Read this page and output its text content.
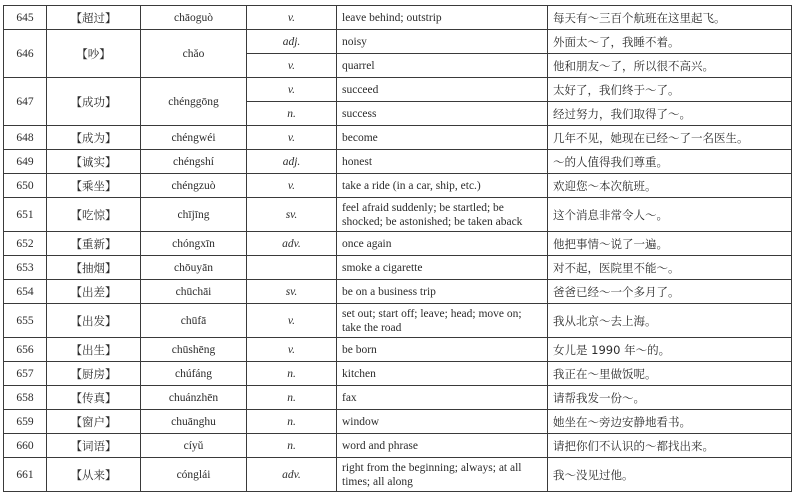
645	【超过】	chāoguò	v.	leave behind; outstrip	每天有～三百个航班在这里起飞。
646	【吵】	chǎo	adj.	noisy	外面太～了，我睡不着。
			v.	quarrel	他和朋友～了，所以很不高兴。
647	【成功】	chénggōng	v.	succeed	太好了，我们终于～了。
			n.	success	经过努力，我们取得了～。
648	【成为】	chéngwéi	v.	become	几年不见，她现在已经～了一名医生。
649	【诚实】	chéngshí	adj.	honest	～的人值得我们尊重。
650	【乘坐】	chéngzuò	v.	take a ride (in a car, ship, etc.)	欢迎您～本次航班。
651	【吃惊】	chījīng	sv.	feel afraid suddenly; be startled; be shocked; be astonished; be taken aback	这个消息非常令人～。
652	【重新】	chóngxīn	adv.	once again	他把事情～说了一遍。
653	【抽烟】	chōuyān		smoke a cigarette	对不起，医院里不能～。
654	【出差】	chūchāi	sv.	be on a business trip	爸爸已经～一个多月了。
655	【出发】	chūfā	v.	set out; start off; leave; head; move on; take the road	我从北京～去上海。
656	【出生】	chūshēng	v.	be born	女儿是 1990 年～的。
657	【厨房】	chúfáng	n.	kitchen	我正在～里做饭呢。
658	【传真】	chuánzhēn	n.	fax	请帮我发一份～。
659	【窗户】	chuānghu	n.	window	她坐在～旁边安静地看书。
660	【词语】	cíyǔ	n.	word and phrase	请把你们不认识的～都找出来。
661	【从来】	cónglái	adv.	right from the beginning; always; at all times; all along	我～没见过他。
